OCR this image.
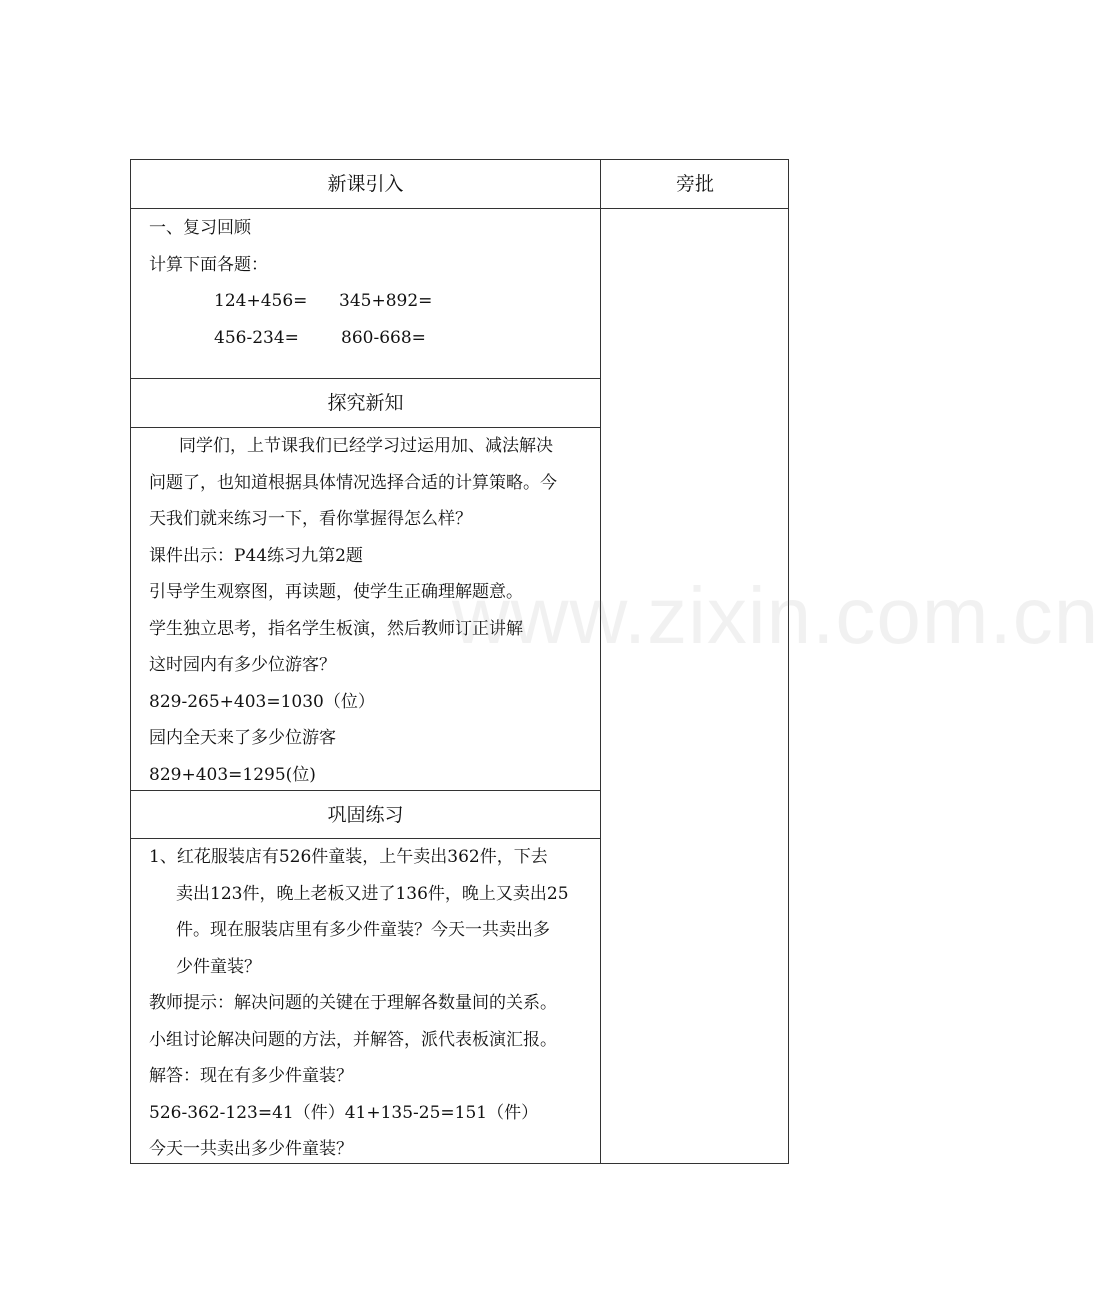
新课引入	旁批
一、复习回顾
计算下面各题：
124+456= 345+892=
456-234= 860-668=
探究新知
同学们，上节课我们已经学习过运用加、减法解决
问题了，也知道根据具体情况选择合适的计算策略。今
天我们就来练习一下，看你掌握得怎么样？
课件出示：P44练习九第2题
引导学生观察图，再读题，使学生正确理解题意。
学生独立思考，指名学生板演，然后教师订正讲解
这时园内有多少位游客？
829-265+403=1030（位）
园内全天来了多少位游客
829+403=1295(位)
巩固练习
1、红花服装店有526件童装，上午卖出362件，下去
卖出123件，晚上老板又进了136件，晚上又卖出25
件。现在服装店里有多少件童装？今天一共卖出多
少件童装？
教师提示：解决问题的关键在于理解各数量间的关系。
小组讨论解决问题的方法，并解答，派代表板演汇报。
解答：现在有多少件童装？
526-362-123=41（件）41+135-25=151（件）
今天一共卖出多少件童装？
www.zixin.com.cn
